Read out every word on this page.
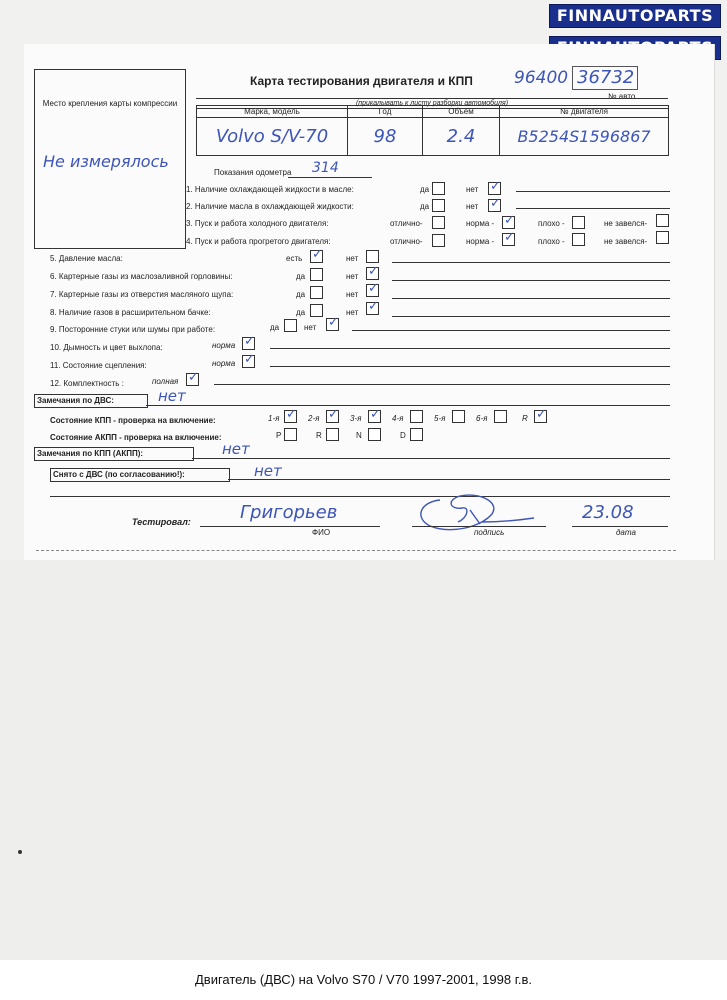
FINNAUTOPARTS
Место крепления карты компрессии
Не измерялось
Карта тестирования двигателя и КПП 96400 36732
№ авто
(прикалывать к листу разборки автомобиля)
Марка, модель	Год	Объём	№ двигателя
Volvo S/V-70	98	2.4	B5254S1596867
Показания одометра 314
1. Наличие охлаждающей жидкости в масле:	да	нет ✓
2. Наличие масла в охлаждающей жидкости:	да	нет ✓
3. Пуск и работа холодного двигателя:	отлично-	норма - ✓	плохо -	не завелся-
4. Пуск и работа прогретого двигателя:	отлично-	норма - ✓	плохо -	не завелся-
5. Давление масла:	есть ✓	нет
6. Картерные газы из маслозаливной горловины:	да	нет ✓
7. Картерные газы из отверстия масляного щупа:	да	нет ✓
8. Наличие газов в расширительном бачке:	да	нет ✓
9. Посторонние стуки или шумы при работе:	да	нет ✓
10. Дымность и цвет выхлопа:	норма ✓
11. Состояние сцепления:	норма ✓
12. Комплектность :	полная ✓
Замечания по ДВС:	нет
Состояние КПП - проверка на включение:	1-я ✓ 2-я ✓ 3-я ✓ 4-я	5-я	6-я	R ✓
Состояние АКПП - проверка на включение:	P	R	N	D
Замечания по КПП (АКПП):	нет
Снято с ДВС (по согласованию!):	нет
Тестировал:	Григорьев
ФИО	подпись
23.08
дата
Двигатель (ДВС) на Volvo S70 / V70 1997-2001, 1998 г.в.
